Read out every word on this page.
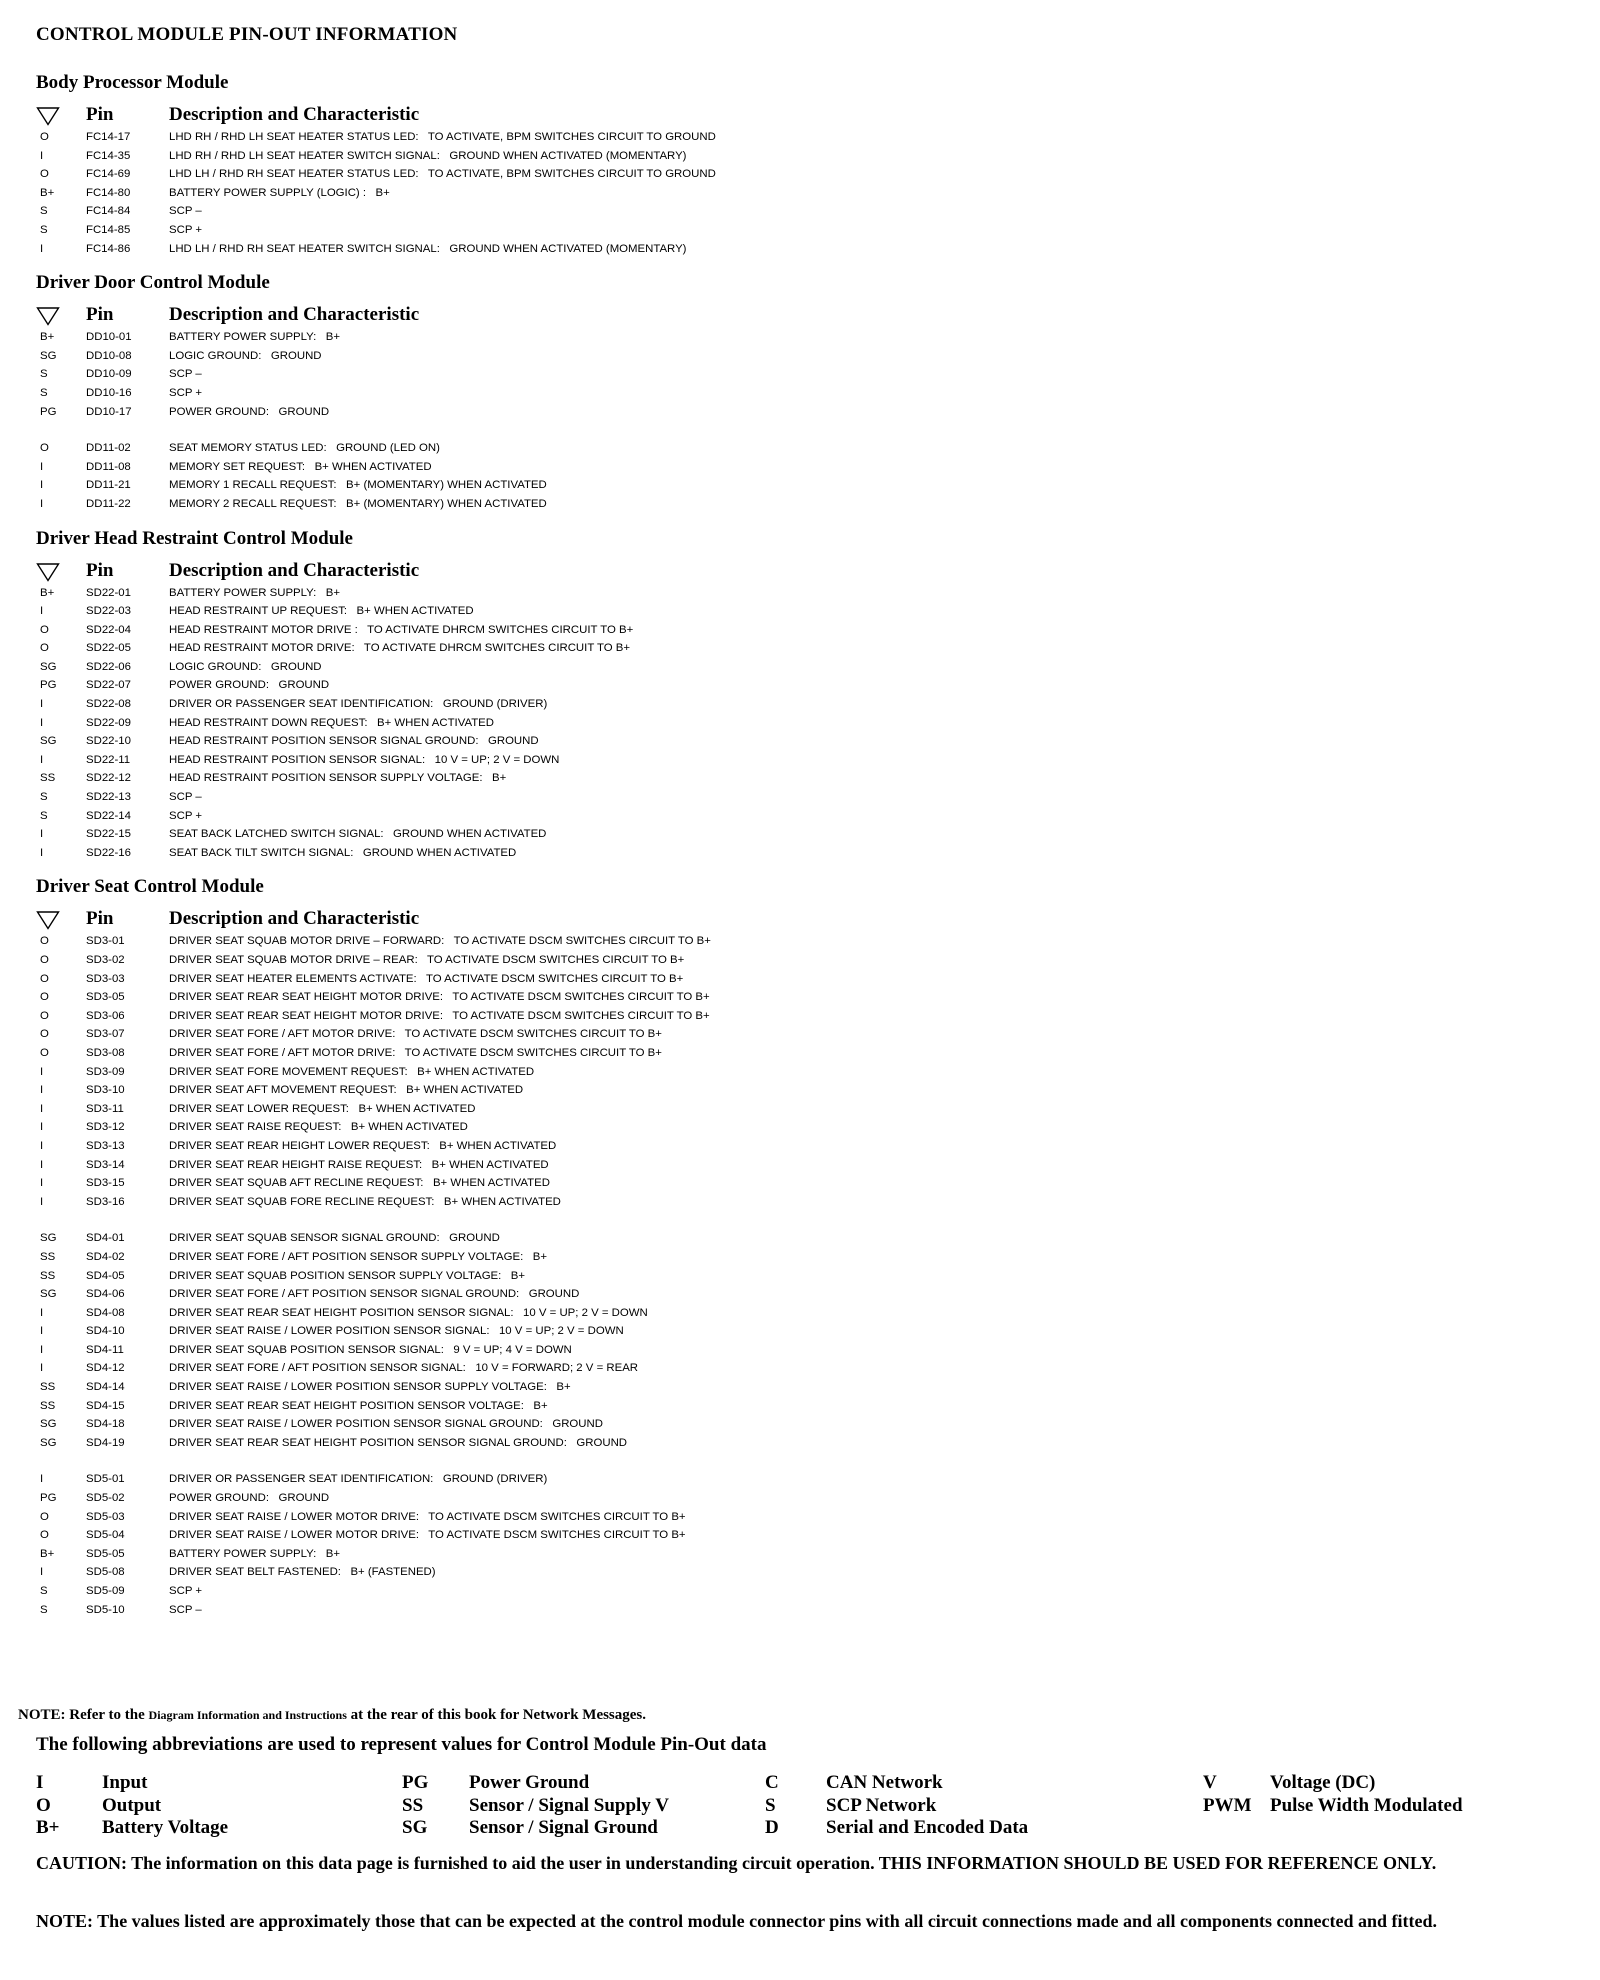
CONTROL MODULE PIN-OUT INFORMATION
Body Processor Module
Pin	Description and Characteristic
O	FC14-17	LHD RH / RHD LH SEAT HEATER STATUS LED:   TO ACTIVATE, BPM SWITCHES CIRCUIT TO GROUND
I	FC14-35	LHD RH / RHD LH SEAT HEATER SWITCH SIGNAL:   GROUND WHEN ACTIVATED (MOMENTARY)
O	FC14-69	LHD LH / RHD RH SEAT HEATER STATUS LED:   TO ACTIVATE, BPM SWITCHES CIRCUIT TO GROUND
B+	FC14-80	BATTERY POWER SUPPLY (LOGIC) :   B+
S	FC14-84	SCP –
S	FC14-85	SCP +
I	FC14-86	LHD LH / RHD RH SEAT HEATER SWITCH SIGNAL:   GROUND WHEN ACTIVATED (MOMENTARY)
Driver Door Control Module
Pin	Description and Characteristic
B+	DD10-01	BATTERY POWER SUPPLY:   B+
SG	DD10-08	LOGIC GROUND:   GROUND
S	DD10-09	SCP –
S	DD10-16	SCP +
PG	DD10-17	POWER GROUND:   GROUND
O	DD11-02	SEAT MEMORY STATUS LED:   GROUND (LED ON)
I	DD11-08	MEMORY SET REQUEST:   B+ WHEN ACTIVATED
I	DD11-21	MEMORY 1 RECALL REQUEST:   B+ (MOMENTARY) WHEN ACTIVATED
I	DD11-22	MEMORY 2 RECALL REQUEST:   B+ (MOMENTARY) WHEN ACTIVATED
Driver Head Restraint Control Module
Pin	Description and Characteristic
B+	SD22-01	BATTERY POWER SUPPLY:   B+
I	SD22-03	HEAD RESTRAINT UP REQUEST:   B+ WHEN ACTIVATED
O	SD22-04	HEAD RESTRAINT MOTOR DRIVE :   TO ACTIVATE DHRCM SWITCHES CIRCUIT TO B+
O	SD22-05	HEAD RESTRAINT MOTOR DRIVE:   TO ACTIVATE DHRCM SWITCHES CIRCUIT TO B+
SG	SD22-06	LOGIC GROUND:   GROUND
PG	SD22-07	POWER GROUND:   GROUND
I	SD22-08	DRIVER OR PASSENGER SEAT IDENTIFICATION:   GROUND (DRIVER)
I	SD22-09	HEAD RESTRAINT DOWN REQUEST:   B+ WHEN ACTIVATED
SG	SD22-10	HEAD RESTRAINT POSITION SENSOR SIGNAL GROUND:   GROUND
I	SD22-11	HEAD RESTRAINT POSITION SENSOR SIGNAL:   10 V = UP; 2 V = DOWN
SS	SD22-12	HEAD RESTRAINT POSITION SENSOR SUPPLY VOLTAGE:   B+
S	SD22-13	SCP –
S	SD22-14	SCP +
I	SD22-15	SEAT BACK LATCHED SWITCH SIGNAL:   GROUND WHEN ACTIVATED
I	SD22-16	SEAT BACK TILT SWITCH SIGNAL:   GROUND WHEN ACTIVATED
Driver Seat Control Module
Pin	Description and Characteristic
O	SD3-01	DRIVER SEAT SQUAB MOTOR DRIVE – FORWARD:   TO ACTIVATE DSCM SWITCHES CIRCUIT TO B+
O	SD3-02	DRIVER SEAT SQUAB MOTOR DRIVE – REAR:   TO ACTIVATE DSCM SWITCHES CIRCUIT TO B+
O	SD3-03	DRIVER SEAT HEATER ELEMENTS ACTIVATE:   TO ACTIVATE DSCM SWITCHES CIRCUIT TO B+
O	SD3-05	DRIVER SEAT REAR SEAT HEIGHT MOTOR DRIVE:   TO ACTIVATE DSCM SWITCHES CIRCUIT TO B+
O	SD3-06	DRIVER SEAT REAR SEAT HEIGHT MOTOR DRIVE:   TO ACTIVATE DSCM SWITCHES CIRCUIT TO B+
O	SD3-07	DRIVER SEAT FORE / AFT MOTOR DRIVE:   TO ACTIVATE DSCM SWITCHES CIRCUIT TO B+
O	SD3-08	DRIVER SEAT FORE / AFT MOTOR DRIVE:   TO ACTIVATE DSCM SWITCHES CIRCUIT TO B+
I	SD3-09	DRIVER SEAT FORE MOVEMENT REQUEST:   B+ WHEN ACTIVATED
I	SD3-10	DRIVER SEAT AFT MOVEMENT REQUEST:   B+ WHEN ACTIVATED
I	SD3-11	DRIVER SEAT LOWER REQUEST:   B+ WHEN ACTIVATED
I	SD3-12	DRIVER SEAT RAISE REQUEST:   B+ WHEN ACTIVATED
I	SD3-13	DRIVER SEAT REAR HEIGHT LOWER REQUEST:   B+ WHEN ACTIVATED
I	SD3-14	DRIVER SEAT REAR HEIGHT RAISE REQUEST:   B+ WHEN ACTIVATED
I	SD3-15	DRIVER SEAT SQUAB AFT RECLINE REQUEST:   B+ WHEN ACTIVATED
I	SD3-16	DRIVER SEAT SQUAB FORE RECLINE REQUEST:   B+ WHEN ACTIVATED
SG	SD4-01	DRIVER SEAT SQUAB SENSOR SIGNAL GROUND:   GROUND
SS	SD4-02	DRIVER SEAT FORE / AFT POSITION SENSOR SUPPLY VOLTAGE:   B+
SS	SD4-05	DRIVER SEAT SQUAB POSITION SENSOR SUPPLY VOLTAGE:   B+
SG	SD4-06	DRIVER SEAT FORE / AFT POSITION SENSOR SIGNAL GROUND:   GROUND
I	SD4-08	DRIVER SEAT REAR SEAT HEIGHT POSITION SENSOR SIGNAL:   10 V = UP; 2 V = DOWN
I	SD4-10	DRIVER SEAT RAISE / LOWER POSITION SENSOR SIGNAL:   10 V = UP; 2 V = DOWN
I	SD4-11	DRIVER SEAT SQUAB POSITION SENSOR SIGNAL:   9 V = UP; 4 V = DOWN
I	SD4-12	DRIVER SEAT FORE / AFT POSITION SENSOR SIGNAL:   10 V = FORWARD; 2 V = REAR
SS	SD4-14	DRIVER SEAT RAISE / LOWER POSITION SENSOR SUPPLY VOLTAGE:   B+
SS	SD4-15	DRIVER SEAT REAR SEAT HEIGHT POSITION SENSOR VOLTAGE:   B+
SG	SD4-18	DRIVER SEAT RAISE / LOWER POSITION SENSOR SIGNAL GROUND:   GROUND
SG	SD4-19	DRIVER SEAT REAR SEAT HEIGHT POSITION SENSOR SIGNAL GROUND:   GROUND
I	SD5-01	DRIVER OR PASSENGER SEAT IDENTIFICATION:   GROUND (DRIVER)
PG	SD5-02	POWER GROUND:   GROUND
O	SD5-03	DRIVER SEAT RAISE / LOWER MOTOR DRIVE:   TO ACTIVATE DSCM SWITCHES CIRCUIT TO B+
O	SD5-04	DRIVER SEAT RAISE / LOWER MOTOR DRIVE:   TO ACTIVATE DSCM SWITCHES CIRCUIT TO B+
B+	SD5-05	BATTERY POWER SUPPLY:   B+
I	SD5-08	DRIVER SEAT BELT FASTENED:   B+ (FASTENED)
S	SD5-09	SCP +
S	SD5-10	SCP –
NOTE: Refer to the Diagram Information and Instructions at the rear of this book for Network Messages.
The following abbreviations are used to represent values for Control Module Pin-Out data
I	Input	PG	Power Ground	C	CAN Network	V	Voltage (DC)
O	Output	SS	Sensor / Signal Supply V	S	SCP Network	PWM Pulse Width Modulated
B+	Battery Voltage	SG	Sensor / Signal Ground	D	Serial and Encoded Data
CAUTION: The information on this data page is furnished to aid the user in understanding circuit operation. THIS INFORMATION SHOULD BE USED FOR REFERENCE ONLY.
NOTE: The values listed are approximately those that can be expected at the control module connector pins with all circuit connections made and all components connected and fitted.
